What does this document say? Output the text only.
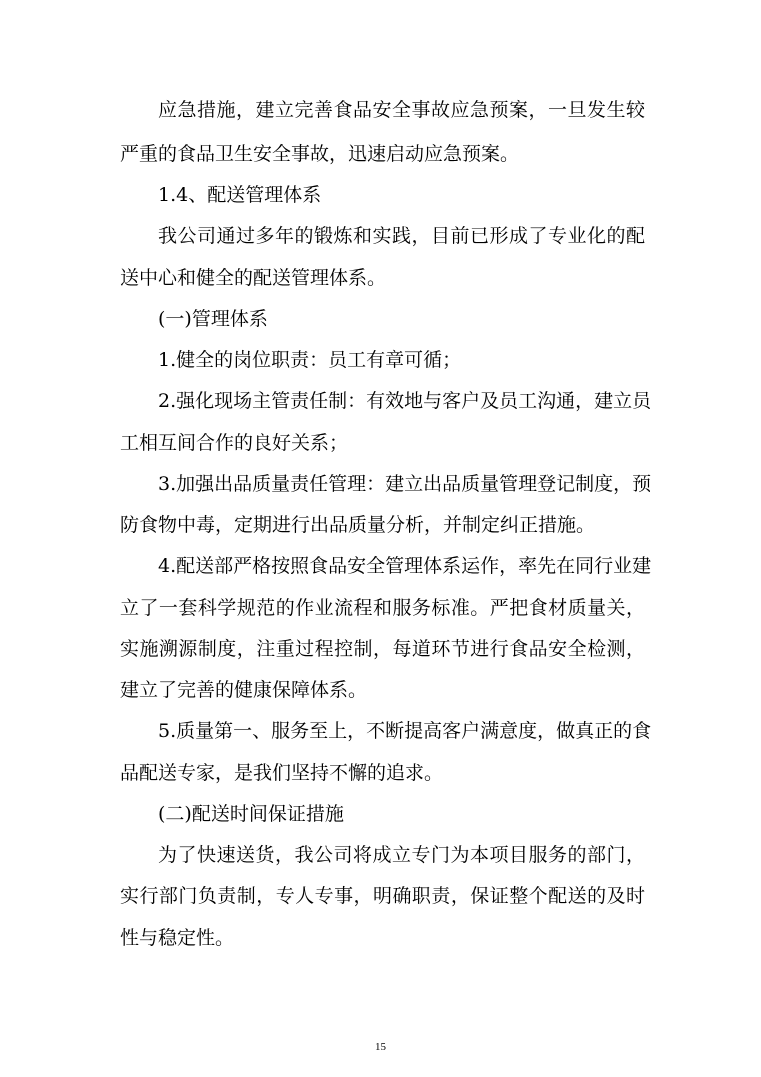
应急措施，建立完善食品安全事故应急预案，一旦发生较
严重的食品卫生安全事故，迅速启动应急预案。
1.4、配送管理体系
我公司通过多年的锻炼和实践，目前已形成了专业化的配
送中心和健全的配送管理体系。
(一)管理体系
1.健全的岗位职责：员工有章可循；
2.强化现场主管责任制：有效地与客户及员工沟通，建立员
工相互间合作的良好关系；
3.加强出品质量责任管理：建立出品质量管理登记制度，预
防食物中毒，定期进行出品质量分析，并制定纠正措施。
4.配送部严格按照食品安全管理体系运作，率先在同行业建
立了一套科学规范的作业流程和服务标准。严把食材质量关，
实施溯源制度，注重过程控制，每道环节进行食品安全检测，
建立了完善的健康保障体系。
5.质量第一、服务至上，不断提高客户满意度，做真正的食
品配送专家，是我们坚持不懈的追求。
(二)配送时间保证措施
为了快速送货，我公司将成立专门为本项目服务的部门，
实行部门负责制，专人专事，明确职责，保证整个配送的及时
性与稳定性。
15
